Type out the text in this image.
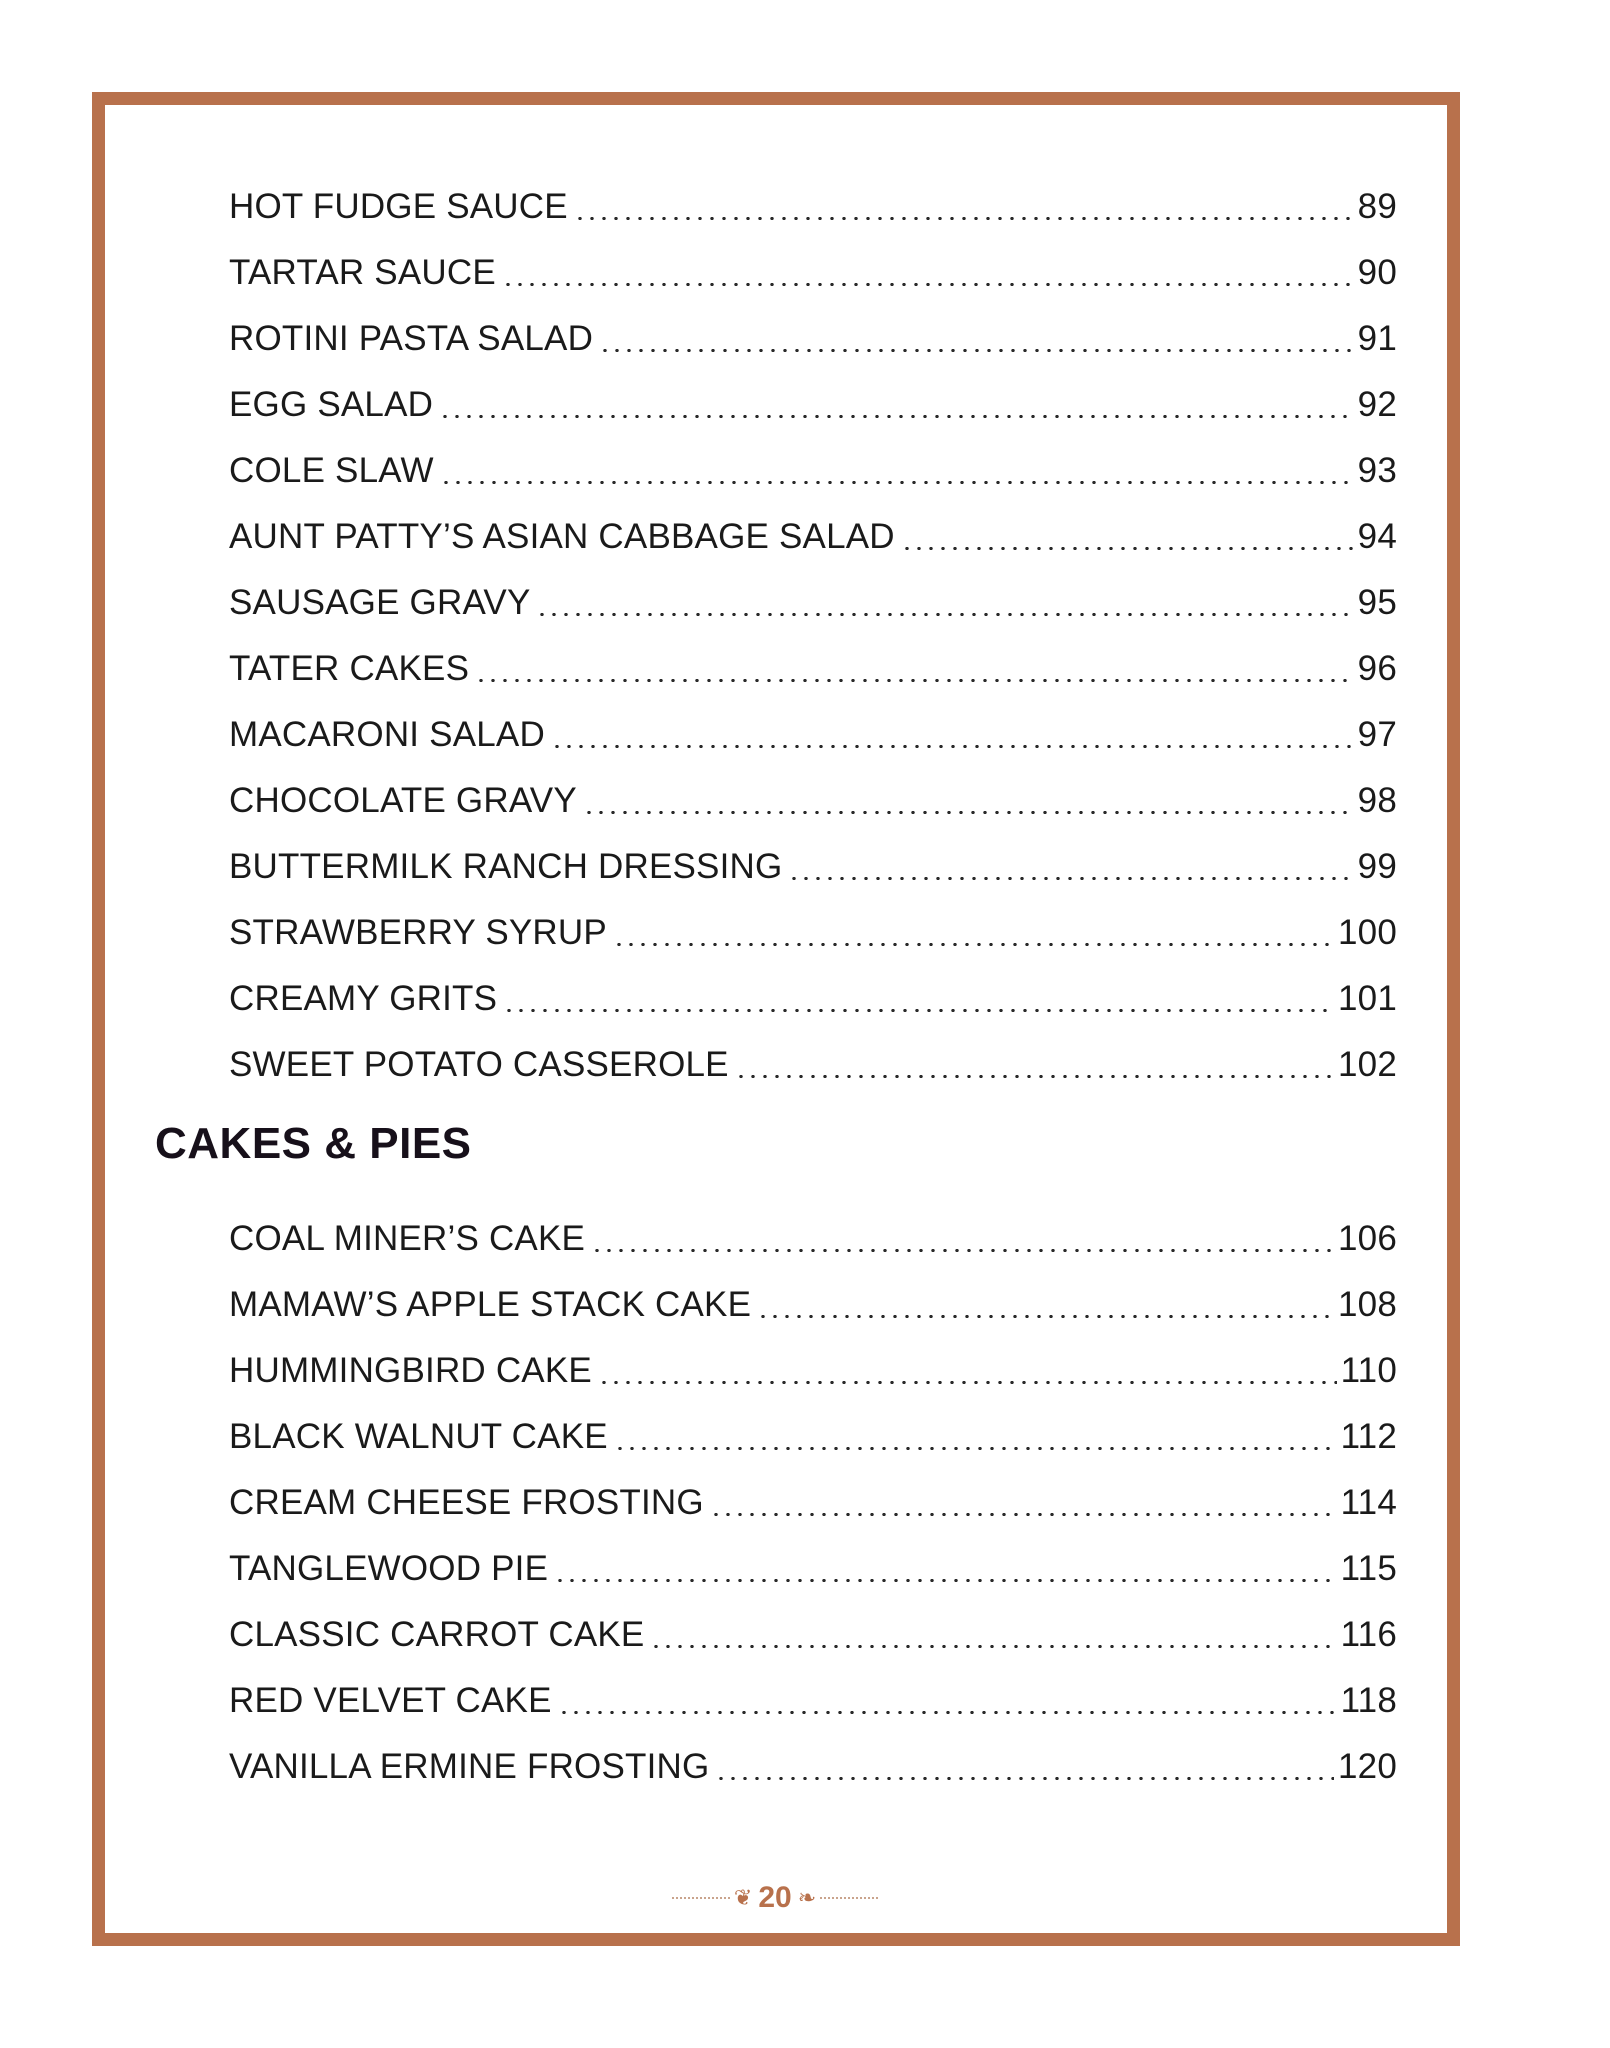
HOT FUDGE SAUCE	89
TARTAR SAUCE	90
ROTINI PASTA SALAD	91
EGG SALAD	92
COLE SLAW	93
AUNT PATTY’S ASIAN CABBAGE SALAD	94
SAUSAGE GRAVY	95
TATER CAKES	96
MACARONI SALAD	97
CHOCOLATE GRAVY	98
BUTTERMILK RANCH DRESSING	99
STRAWBERRY SYRUP	100
CREAMY GRITS	101
SWEET POTATO CASSEROLE	102
CAKES & PIES
COAL MINER’S CAKE	106
MAMAW’S APPLE STACK CAKE	108
HUMMINGBIRD CAKE	110
BLACK WALNUT CAKE	112
CREAM CHEESE FROSTING	114
TANGLEWOOD PIE	115
CLASSIC CARROT CAKE	116
RED VELVET CAKE	118
VANILLA ERMINE FROSTING	120
❦ 20 ❧
